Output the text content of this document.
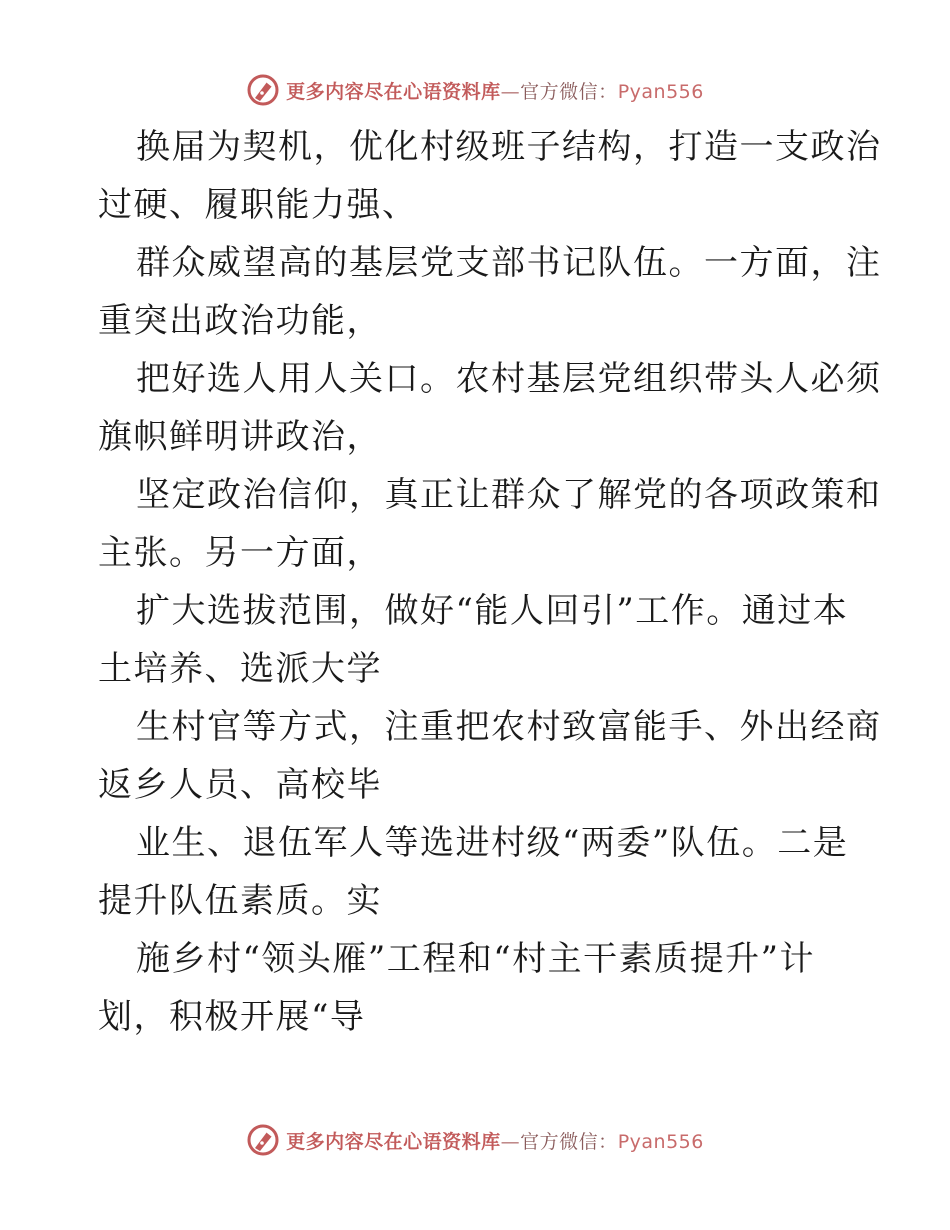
更多内容尽在心语资料库—官方微信：Pyan556
换届为契机，优化村级班子结构，打造一支政治
过硬、履职能力强、
群众威望高的基层党支部书记队伍。一方面，注
重突出政治功能，
把好选人用人关口。农村基层党组织带头人必须
旗帜鲜明讲政治，
坚定政治信仰，真正让群众了解党的各项政策和
主张。另一方面，
扩大选拔范围，做好“能人回引”工作。通过本
土培养、选派大学
生村官等方式，注重把农村致富能手、外出经商
返乡人员、高校毕
业生、退伍军人等选进村级“两委”队伍。二是
提升队伍素质。实
施乡村“领头雁”工程和“村主干素质提升”计
划，积极开展“导
更多内容尽在心语资料库—官方微信：Pyan556
